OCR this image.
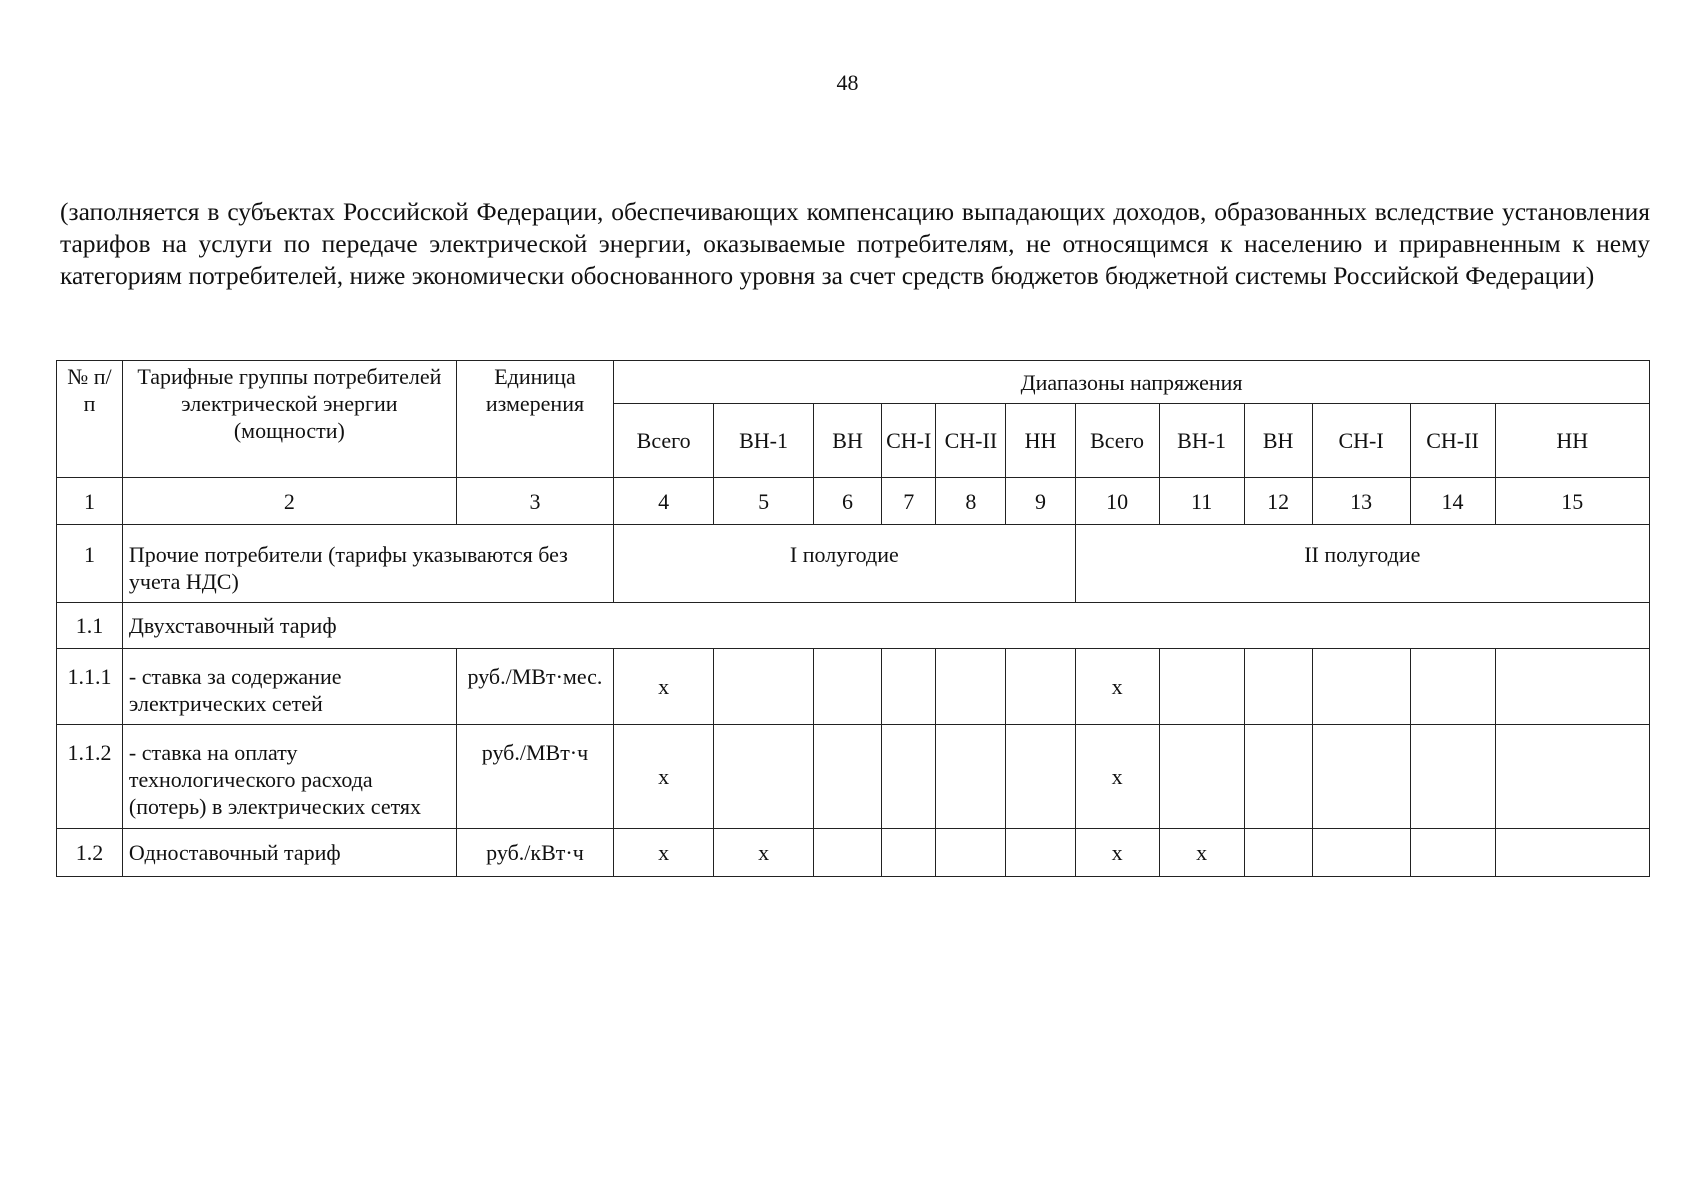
48
(заполняется в субъектах Российской Федерации, обеспечивающих компенсацию выпадающих доходов, образованных вследствие установления тарифов на услуги по передаче электрической энергии, оказываемые потребителям, не относящимся к населению и приравненным к нему категориям потребителей, ниже экономически обоснованного уровня за счет средств бюджетов бюджетной системы Российской Федерации)
№ п/п	Тарифные группы потребителей электрической энергии (мощности)	Единица измерения	Диапазоны напряжения											
			Всего	ВН-1	ВН	СН-I	СН-II	НН	Всего	ВН-1	ВН	СН-I	СН-II	НН
1	2	3	4	5	6	7	8	9	10	11	12	13	14	15
1	Прочие потребители (тарифы указываются без учета НДС)		I полугодие						II полугодие					
1.1	Двухставочный тариф													
1.1.1	- ставка за содержание электрических сетей	руб./МВт·мес.	х						х					
1.1.2	- ставка на оплату технологического расхода (потерь) в электрических сетях	руб./МВт·ч	х						х					
1.2	Одноставочный тариф	руб./кВт·ч	х	х					х	х				
